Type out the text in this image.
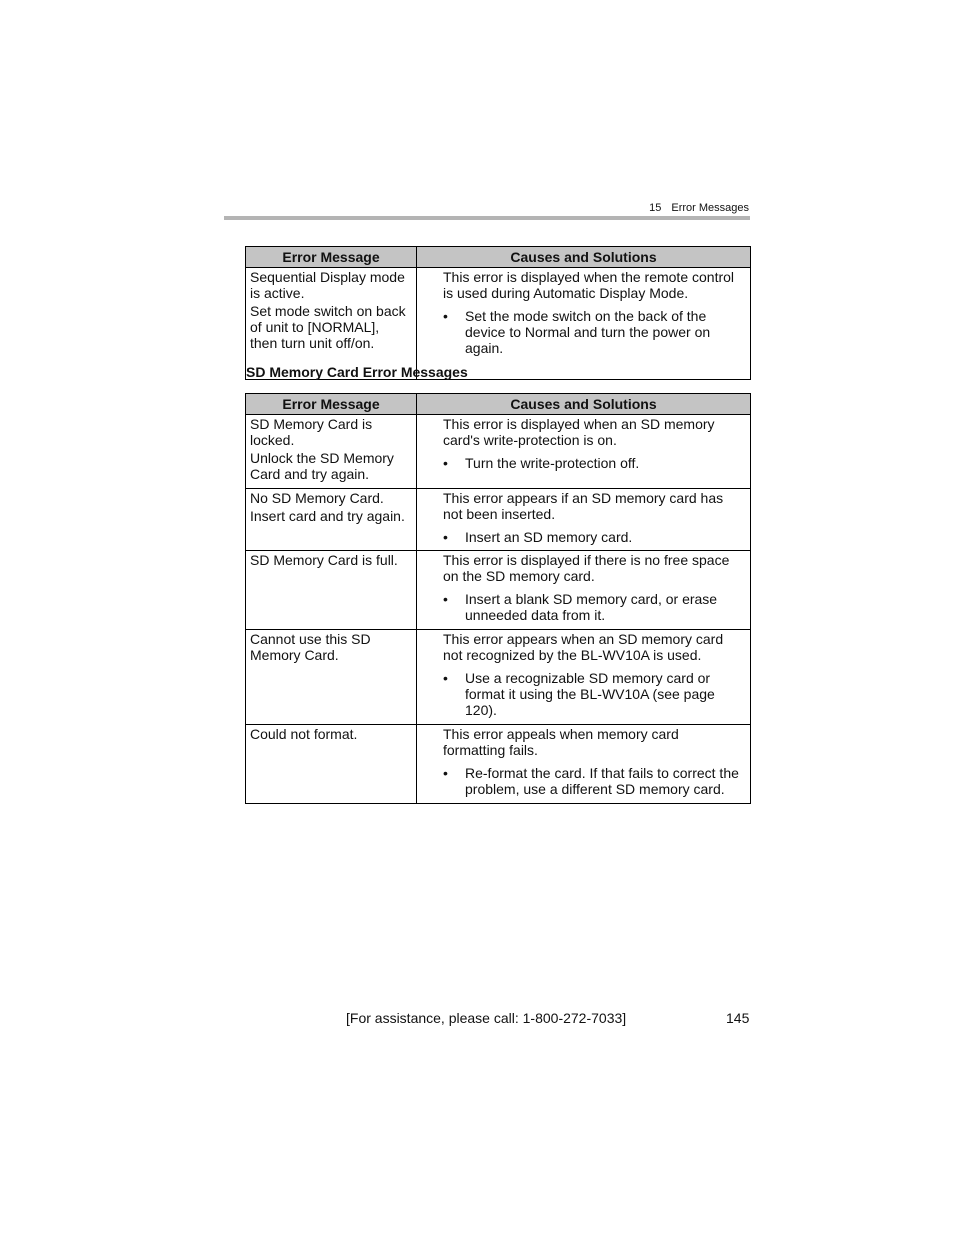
15 Error Messages
Error Message	Causes and Solutions

Sequential Display mode is active.
Set mode switch on back of unit to [NORMAL], then turn unit off/on.	This error is displayed when the remote control is used during Automatic Display Mode.
• Set the mode switch on the back of the device to Normal and turn the power on again.
SD Memory Card Error Messages
Error Message	Causes and Solutions

SD Memory Card is locked.
Unlock the SD Memory Card and try again.	This error is displayed when an SD memory card's write-protection is on.
• Turn the write-protection off.

No SD Memory Card.
Insert card and try again.	This error appears if an SD memory card has not been inserted.
• Insert an SD memory card.

SD Memory Card is full.	This error is displayed if there is no free space on the SD memory card.
• Insert a blank SD memory card, or erase unneeded data from it.

Cannot use this SD Memory Card.	This error appears when an SD memory card not recognized by the BL-WV10A is used.
• Use a recognizable SD memory card or format it using the BL-WV10A (see page 120).

Could not format.	This error appeals when memory card formatting fails.
• Re-format the card. If that fails to correct the problem, use a different SD memory card.
[For assistance, please call: 1-800-272-7033]	145
